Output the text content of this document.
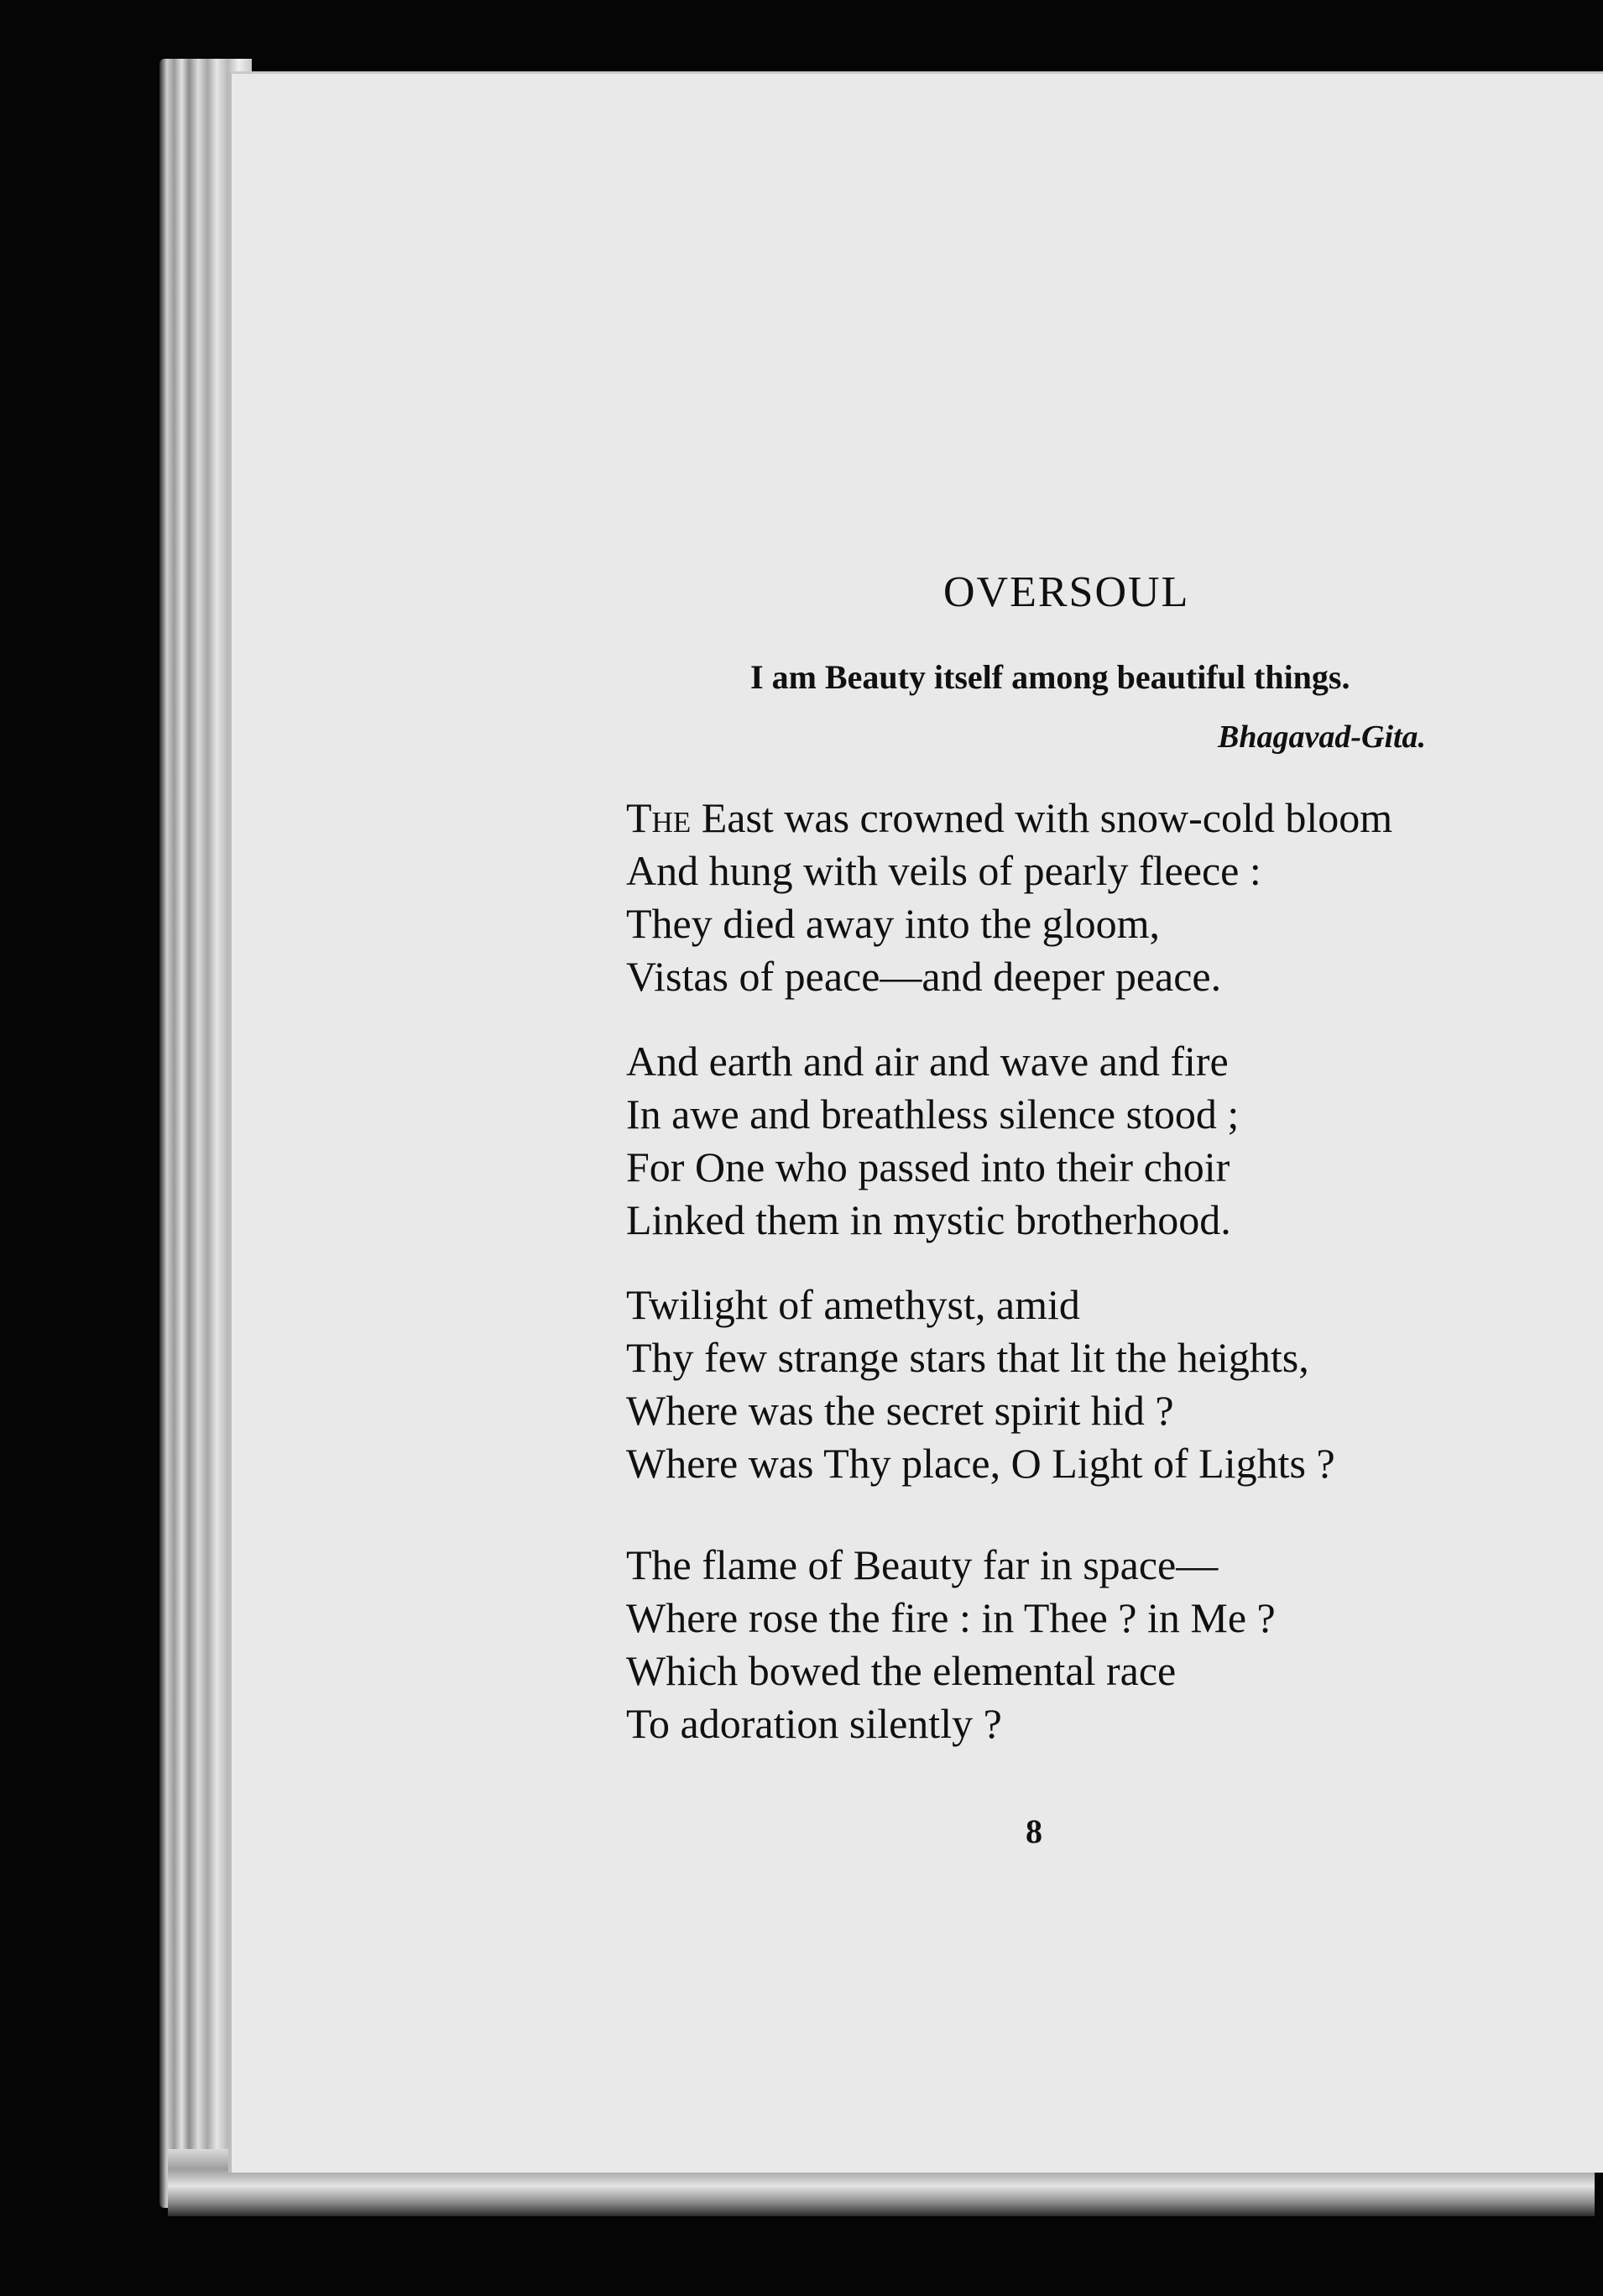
OVERSOUL
I am Beauty itself among beautiful things.
Bhagavad-Gita.

The East was crowned with snow-cold bloom
And hung with veils of pearly fleece :
They died away into the gloom,
Vistas of peace—and deeper peace.

And earth and air and wave and fire
In awe and breathless silence stood ;
For One who passed into their choir
Linked them in mystic brotherhood.

Twilight of amethyst, amid
Thy few strange stars that lit the heights,
Where was the secret spirit hid ?
Where was Thy place, O Light of Lights ?

The flame of Beauty far in space—
Where rose the fire : in Thee ? in Me ?
Which bowed the elemental race
To adoration silently ?

8
